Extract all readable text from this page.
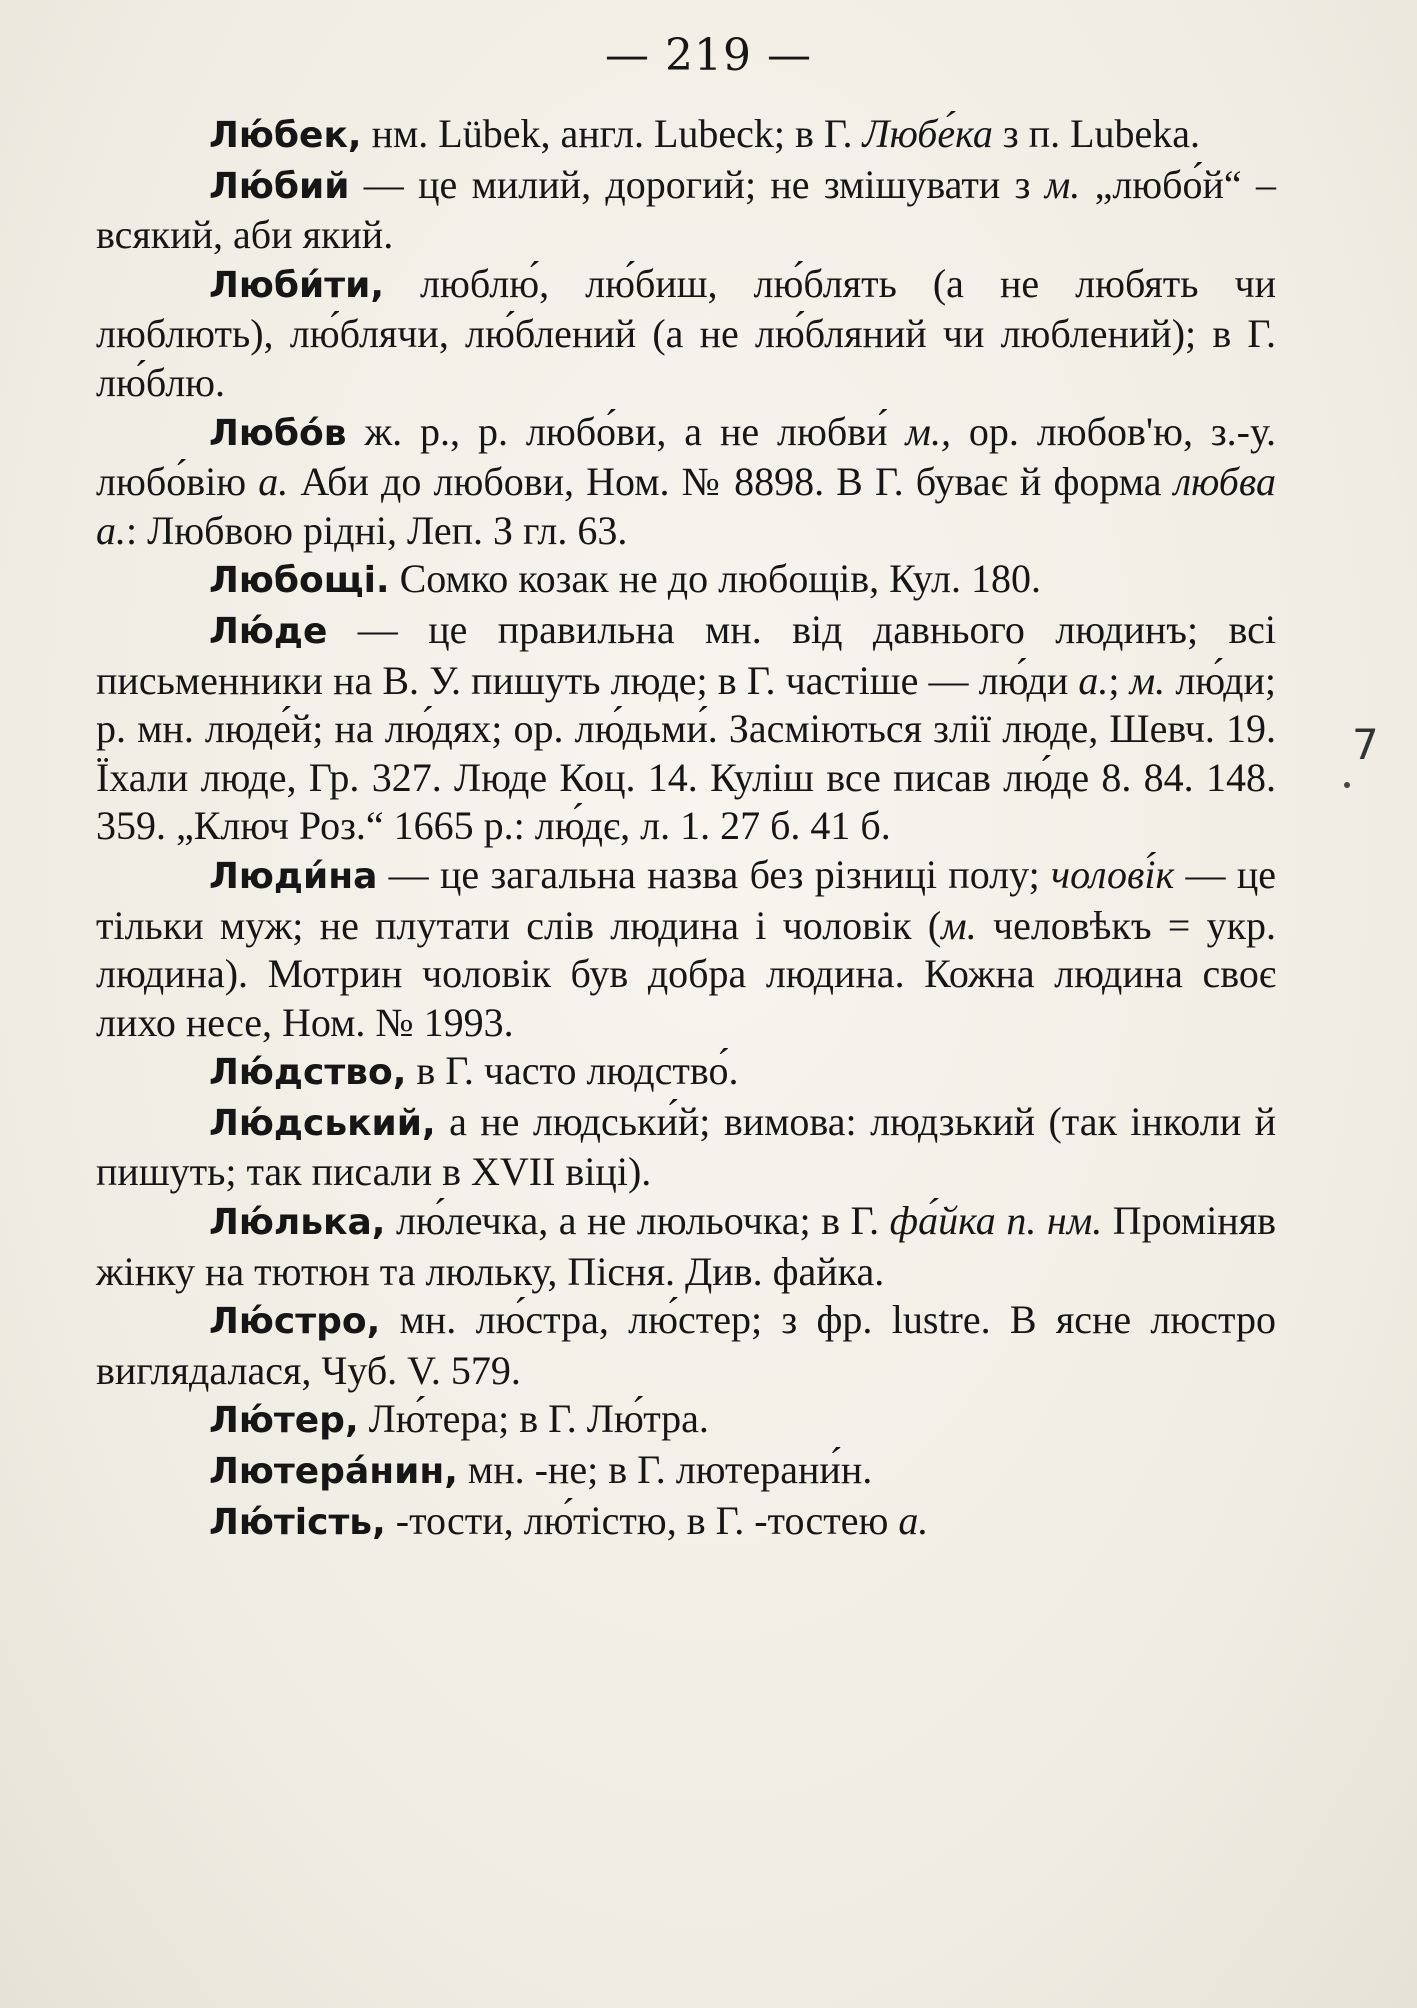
— 219 —

Лю́бек, нм. Lübek, англ. Lubeck; в Г. Любе́ка з п. Lubeka.

Лю́бий — це милий, дорогий; не змішувати з м. „любо́й“ – всякий, аби який.

Люби́ти, люблю́, лю́биш, лю́блять (а не любять чи люблють), лю́блячи, лю́блений (а не лю́бляний чи люблений); в Г. лю́блю.

Любо́в ж. р., р. любо́ви, а не любви́ м., ор. любов'ю, з.-у. любо́вію а. Аби до любови, Ном. № 8898. В Г. буває й форма любва а.: Любвою рідні, Леп. З гл. 63.

Любощі. Сомко козак не до любощів, Кул. 180.

Лю́де — це правильна мн. від давнього людинъ; всі письменники на В. У. пишуть люде; в Г. частіше — лю́ди а.; м. лю́ди; р. мн. люде́й; на лю́дях; ор. лю́дьми́. Засміються злії люде, Шевч. 19. Їхали люде, Гр. 327. Люде Коц. 14. Куліш все писав лю́де 8. 84. 148. 359. „Ключ Роз.“ 1665 р.: лю́дє, л. 1. 27 б. 41 б.

Люди́на — це загальна назва без різниці полу; чолові́к — це тільки муж; не плутати слів людина і чоловік (м. человѣкъ = укр. людина). Мотрин чоловік був добра людина. Кожна людина своє лихо несе, Ном. № 1993.

Лю́дство, в Г. часто людство́.

Лю́дський, а не людськи́й; вимова: людзький (так інколи й пишуть; так писали в XVII віці).

Лю́лька, лю́лечка, а не люльочка; в Г. фа́йка п. нм. Проміняв жінку на тютюн та люльку, Пісня. Див. файка.

Лю́стро, мн. лю́стра, лю́стер; з фр. lustre. В ясне люстро виглядалася, Чуб. V. 579.

Лю́тер, Лю́тера; в Г. Лю́тра.

Лютера́нин, мн. -не; в Г. лютерани́н.

Лю́тість, -тости, лю́тістю, в Г. -тостею а.

7
